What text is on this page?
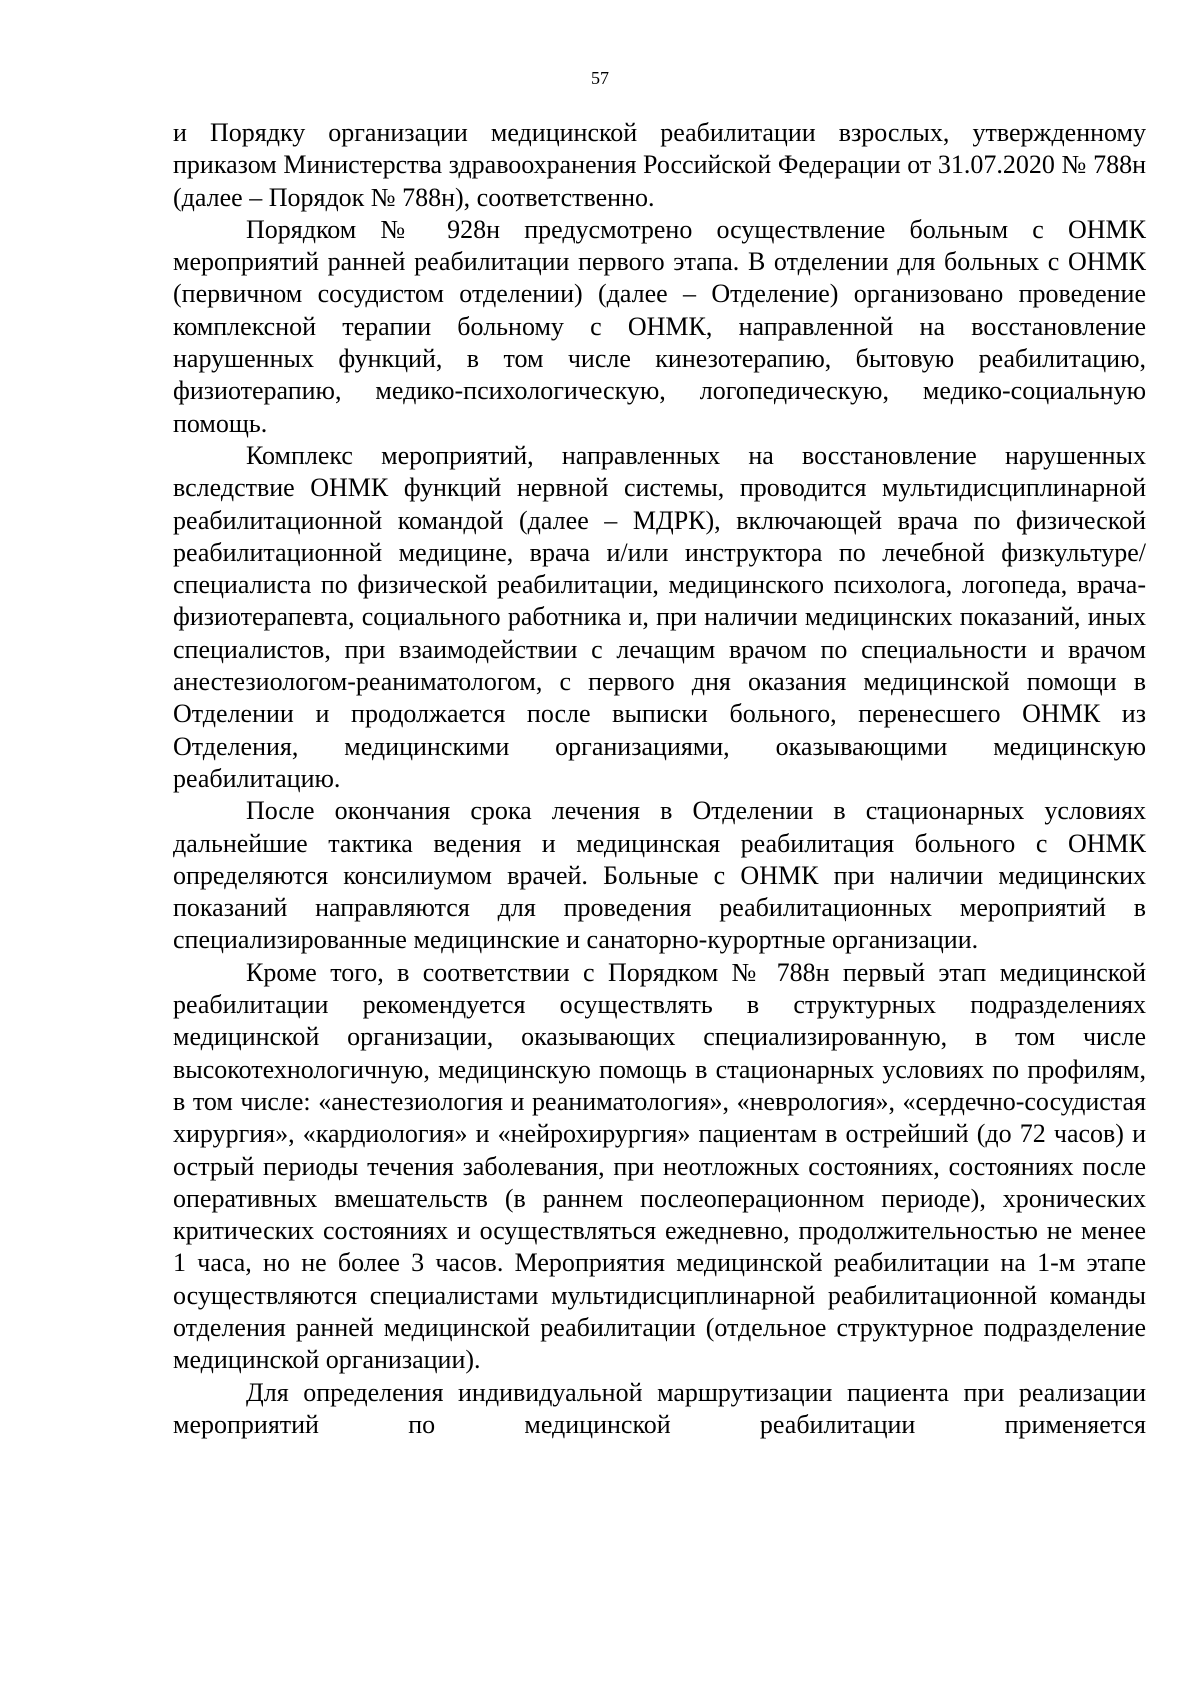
57

и Порядку организации медицинской реабилитации взрослых, утвержденному приказом Министерства здравоохранения Российской Федерации от 31.07.2020 № 788н (далее – Порядок № 788н), соответственно.

Порядком № 928н предусмотрено осуществление больным с ОНМК мероприятий ранней реабилитации первого этапа. В отделении для больных с ОНМК (первичном сосудистом отделении) (далее – Отделение) организовано проведение комплексной терапии больному с ОНМК, направленной на восстановление нарушенных функций, в том числе кинезотерапию, бытовую реабилитацию, физиотерапию, медико-психологическую, логопедическую, медико-социальную помощь.

Комплекс мероприятий, направленных на восстановление нарушенных вследствие ОНМК функций нервной системы, проводится мультидисциплинарной реабилитационной командой (далее – МДРК), включающей врача по физической реабилитационной медицине, врача и/или инструктора по лечебной физкультуре/специалиста по физической реабилитации, медицинского психолога, логопеда, врача-физиотерапевта, социального работника и, при наличии медицинских показаний, иных специалистов, при взаимодействии с лечащим врачом по специальности и врачом анестезиологом-реаниматологом, с первого дня оказания медицинской помощи в Отделении и продолжается после выписки больного, перенесшего ОНМК из Отделения, медицинскими организациями, оказывающими медицинскую реабилитацию.

После окончания срока лечения в Отделении в стационарных условиях дальнейшие тактика ведения и медицинская реабилитация больного с ОНМК определяются консилиумом врачей. Больные с ОНМК при наличии медицинских показаний направляются для проведения реабилитационных мероприятий в специализированные медицинские и санаторно-курортные организации.

Кроме того, в соответствии с Порядком № 788н первый этап медицинской реабилитации рекомендуется осуществлять в структурных подразделениях медицинской организации, оказывающих специализированную, в том числе высокотехнологичную, медицинскую помощь в стационарных условиях по профилям, в том числе: «анестезиология и реаниматология», «неврология», «сердечно-сосудистая хирургия», «кардиология» и «нейрохирургия» пациентам в острейший (до 72 часов) и острый периоды течения заболевания, при неотложных состояниях, состояниях после оперативных вмешательств (в раннем послеоперационном периоде), хронических критических состояниях и осуществляться ежедневно, продолжительностью не менее 1 часа, но не более 3 часов. Мероприятия медицинской реабилитации на 1-м этапе осуществляются специалистами мультидисциплинарной реабилитационной команды отделения ранней медицинской реабилитации (отдельное структурное подразделение медицинской организации).

Для определения индивидуальной маршрутизации пациента при реализации мероприятий по медицинской реабилитации применяется
